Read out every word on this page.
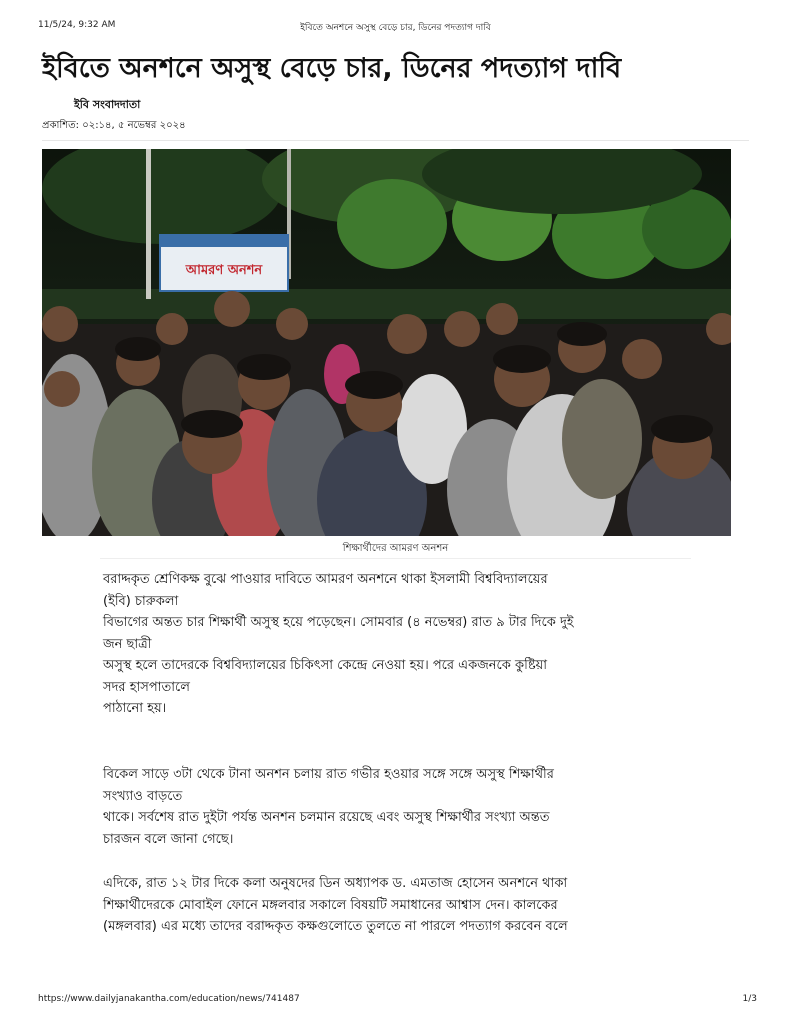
11/5/24, 9:32 AM	ইবিতে অনশনে অসুস্থ বেড়ে চার, ডিনের পদত্যাগ দাবি
ইবিতে অনশনে অসুস্থ বেড়ে চার, ডিনের পদত্যাগ দাবি
ইবি সংবাদদাতা
প্রকাশিত: ০২:১৪, ৫ নভেম্বর ২০২৪
আমরণ অনশন
শিক্ষার্থীদের আমরণ অনশন
বরাদ্দকৃত শ্রেণিকক্ষ বুঝে পাওয়ার দাবিতে আমরণ অনশনে থাকা ইসলামী বিশ্ববিদ্যালয়ের
(ইবি) চারুকলা
বিভাগের অন্তত চার শিক্ষার্থী অসুস্থ হয়ে পড়েছেন। সোমবার (৪ নভেম্বর) রাত ৯ টার দিকে দুই
জন ছাত্রী
অসুস্থ হলে তাদেরকে বিশ্ববিদ্যালয়ের চিকিৎসা কেন্দ্রে নেওয়া হয়। পরে একজনকে কুষ্টিয়া
সদর হাসপাতালে
পাঠানো হয়।
বিকেল সাড়ে ৩টা থেকে টানা অনশন চলায় রাত গভীর হওয়ার সঙ্গে সঙ্গে অসুস্থ শিক্ষার্থীর
সংখ্যাও বাড়তে
থাকে। সর্বশেষ রাত দুইটা পর্যন্ত অনশন চলমান রয়েছে এবং অসুস্থ শিক্ষার্থীর সংখ্যা অন্তত
চারজন বলে জানা গেছে।
এদিকে, রাত ১২ টার দিকে কলা অনুষদের ডিন অধ্যাপক ড. এমতাজ হোসেন অনশনে থাকা
শিক্ষার্থীদেরকে মোবাইল ফোনে মঙ্গলবার সকালে বিষয়টি সমাধানের আশ্বাস দেন। কালকের
(মঙ্গলবার) এর মধ্যে তাদের বরাদ্দকৃত কক্ষগুলোতে তুলতে না পারলে পদত্যাগ করবেন বলে
https://www.dailyjanakantha.com/education/news/741487	1/3
